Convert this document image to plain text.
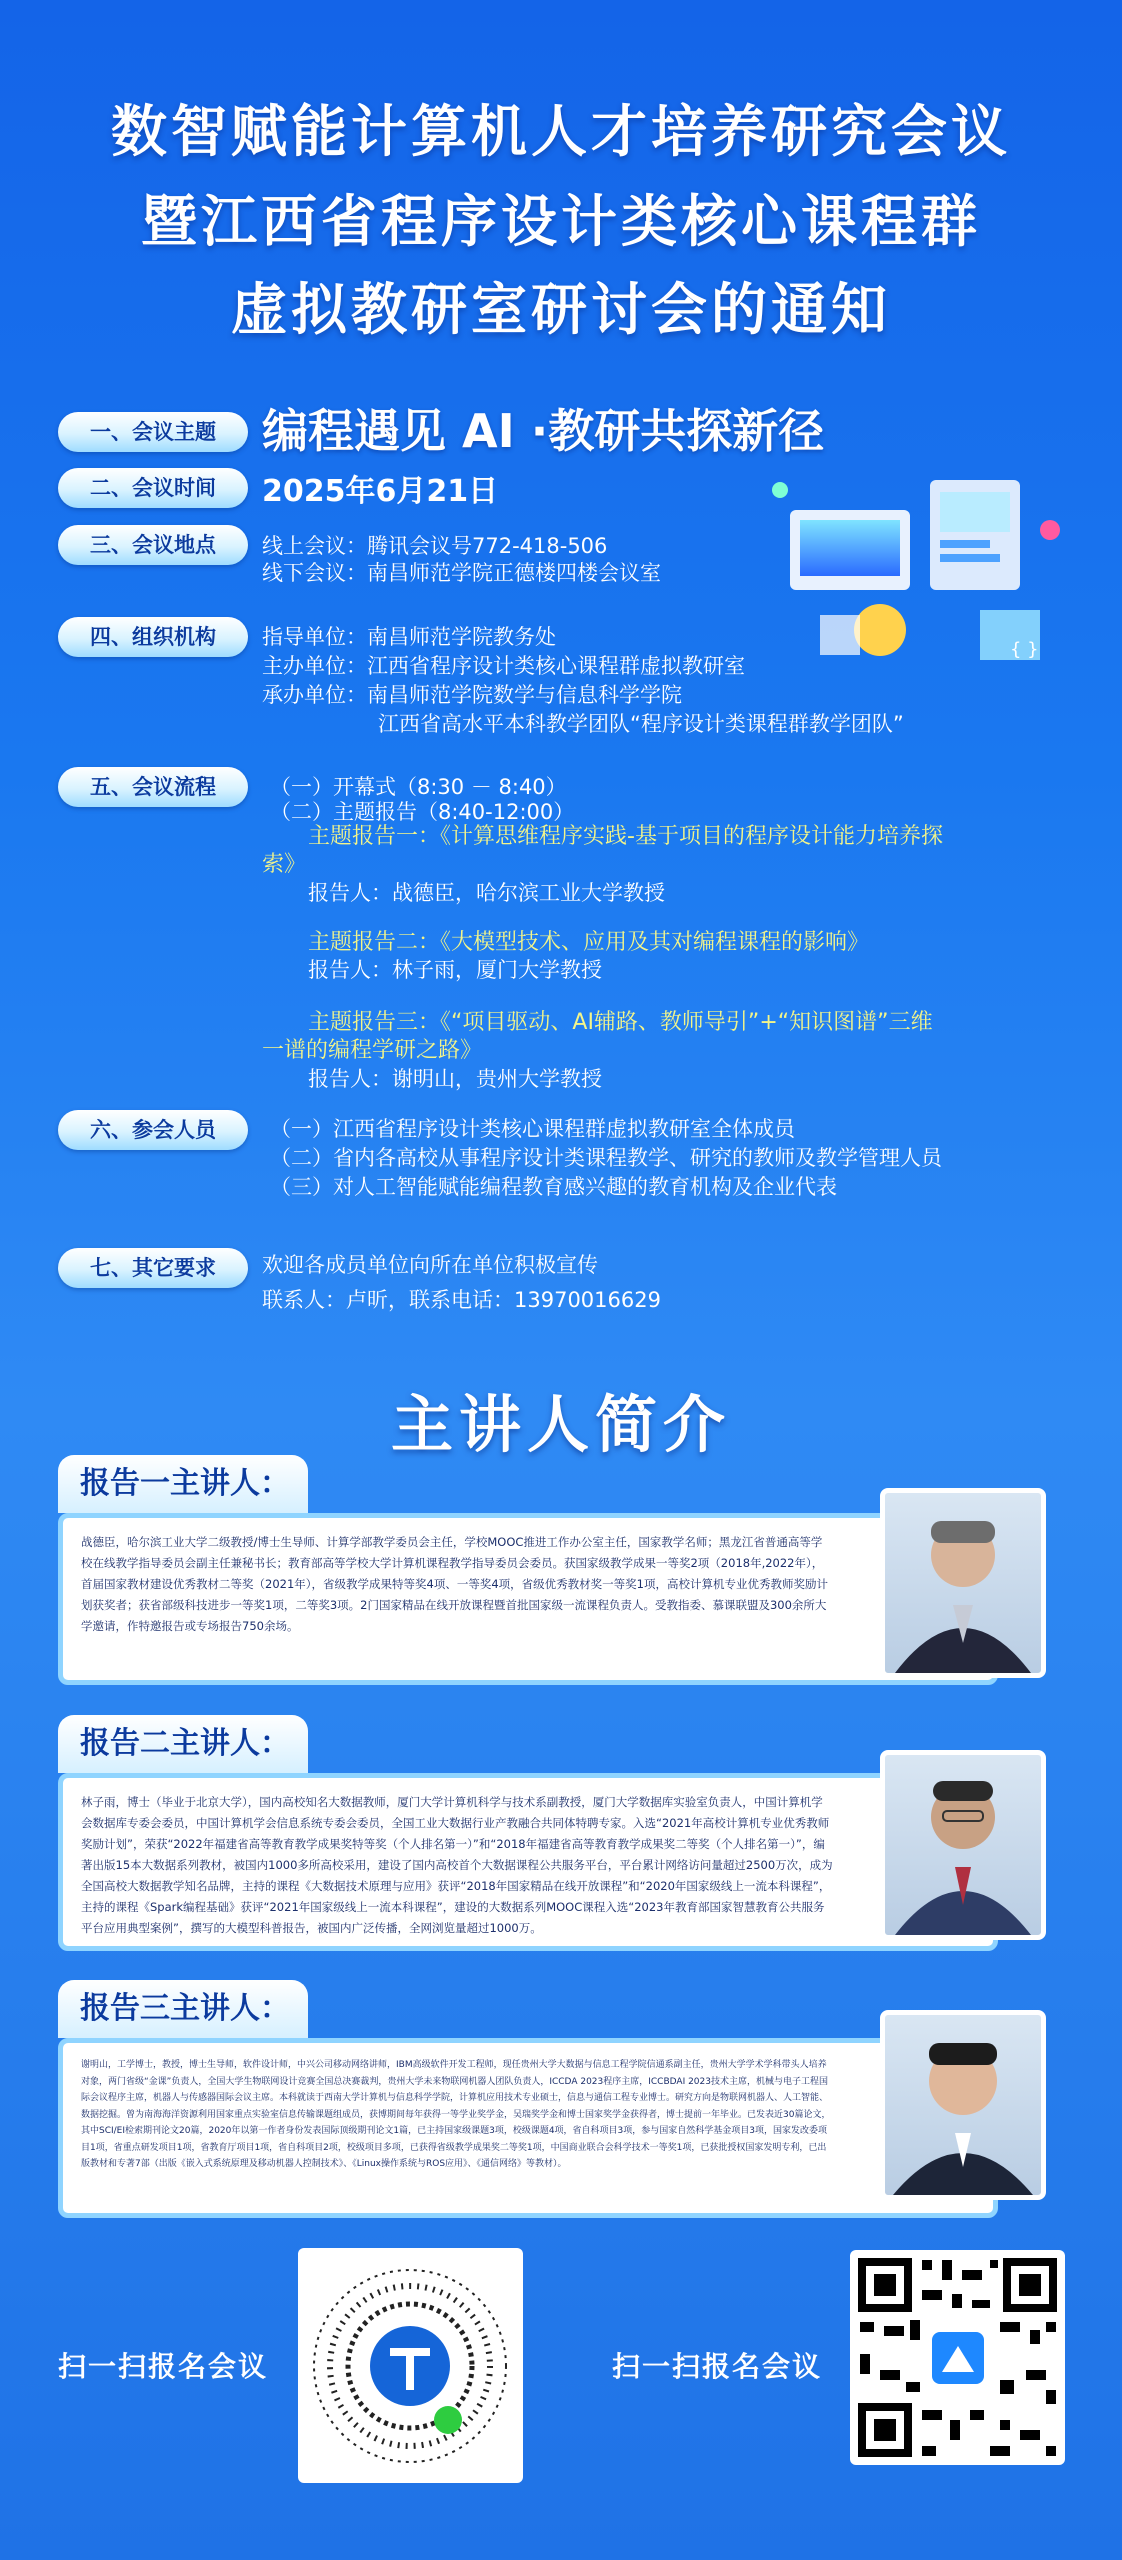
数智赋能计算机人才培养研究会议
暨江西省程序设计类核心课程群
虚拟教研室研讨会的通知
{ }
一、会议主题	编程遇见 AI ·教研共探新径
二、会议时间	2025年6月21日
三、会议地点	线上会议：腾讯会议号772-418-506
线下会议：南昌师范学院正德楼四楼会议室
四、组织机构	指导单位：南昌师范学院教务处
主办单位：江西省程序设计类核心课程群虚拟教研室
承办单位：南昌师范学院数学与信息科学学院
江西省高水平本科教学团队“程序设计类课程群教学团队”
五、会议流程	（一）开幕式（8:30 － 8:40）
（二）主题报告（8:40-12:00）
主题报告一：《计算思维程序实践-基于项目的程序设计能力培养探
索》
报告人：战德臣，哈尔滨工业大学教授
主题报告二：《大模型技术、应用及其对编程课程的影响》
报告人：林子雨，厦门大学教授
主题报告三：《“项目驱动、AI辅路、教师导引”+“知识图谱”三维
一谱的编程学研之路》
报告人：谢明山，贵州大学教授
六、参会人员	（一）江西省程序设计类核心课程群虚拟教研室全体成员
（二）省内各高校从事程序设计类课程教学、研究的教师及教学管理人员
（三）对人工智能赋能编程教育感兴趣的教育机构及企业代表
七、其它要求	欢迎各成员单位向所在单位积极宣传
联系人：卢昕，联系电话：13970016629
主讲人简介
报告一主讲人：
战德臣，哈尔滨工业大学二级教授/博士生导师、计算学部教学委员会主任，学校MOOC推进工作办公室主任，国家教学名师；黑龙江省普通高等学校在线教学指导委员会副主任兼秘书长；教育部高等学校大学计算机课程教学指导委员会委员。获国家级教学成果一等奖2项（2018年,2022年），首届国家教材建设优秀教材二等奖（2021年），省级教学成果特等奖4项、一等奖4项，省级优秀教材奖一等奖1项，高校计算机专业优秀教师奖励计划获奖者；获省部级科技进步一等奖1项，二等奖3项。2门国家精品在线开放课程暨首批国家级一流课程负责人。受教指委、慕课联盟及300余所大学邀请，作特邀报告或专场报告750余场。
报告二主讲人：
林子雨，博士（毕业于北京大学），国内高校知名大数据教师，厦门大学计算机科学与技术系副教授，厦门大学数据库实验室负责人，中国计算机学会数据库专委会委员，中国计算机学会信息系统专委会委员，全国工业大数据行业产教融合共同体特聘专家。入选“2021年高校计算机专业优秀教师奖励计划”，荣获“2022年福建省高等教育教学成果奖特等奖（个人排名第一）”和“2018年福建省高等教育教学成果奖二等奖（个人排名第一）”，编著出版15本大数据系列教材，被国内1000多所高校采用，建设了国内高校首个大数据课程公共服务平台，平台累计网络访问量超过2500万次，成为全国高校大数据教学知名品牌，主持的课程《大数据技术原理与应用》获评“2018年国家精品在线开放课程”和“2020年国家级线上一流本科课程”，主持的课程《Spark编程基础》获评“2021年国家级线上一流本科课程”，建设的大数据系列MOOC课程入选“2023年教育部国家智慧教育公共服务平台应用典型案例”，撰写的大模型科普报告，被国内广泛传播，全网浏览量超过1000万。
报告三主讲人：
谢明山，工学博士，教授，博士生导师，软件设计师，中兴公司移动网络讲师，IBM高级软件开发工程师，现任贵州大学大数据与信息工程学院信通系副主任，贵州大学学术学科带头人培养对象，两门省级“金课”负责人，全国大学生物联网设计竞赛全国总决赛裁判，贵州大学未来物联网机器人团队负责人，ICCDA 2023程序主席，ICCBDAI 2023技术主席，机械与电子工程国际会议程序主席，机器人与传感器国际会议主席。本科就读于西南大学计算机与信息科学学院，计算机应用技术专业硕士，信息与通信工程专业博士。研究方向是物联网机器人、人工智能、数据挖掘。曾为南海海洋资源利用国家重点实验室信息传输课题组成员，获博期间每年获得一等学业奖学金，吴瑞奖学金和博士国家奖学金获得者，博士提前一年毕业。已发表近30篇论文，其中SCI/EI检索期刊论文20篇，2020年以第一作者身份发表国际顶级期刊论文1篇，已主持国家级课题3项，校级课题4项，省自科项目3项，参与国家自然科学基金项目3项，国家发改委项目1项，省重点研发项目1项，省教育厅项目1项，省自科项目2项，校级项目多项，已获得省级教学成果奖二等奖1项，中国商业联合会科学技术一等奖1项，已获批授权国家发明专利，已出版教材和专著7部（出版《嵌入式系统原理及移动机器人控制技术》、《Linux操作系统与ROS应用》、《通信网络》等教材）。
扫一扫报名会议	扫一扫报名会议
